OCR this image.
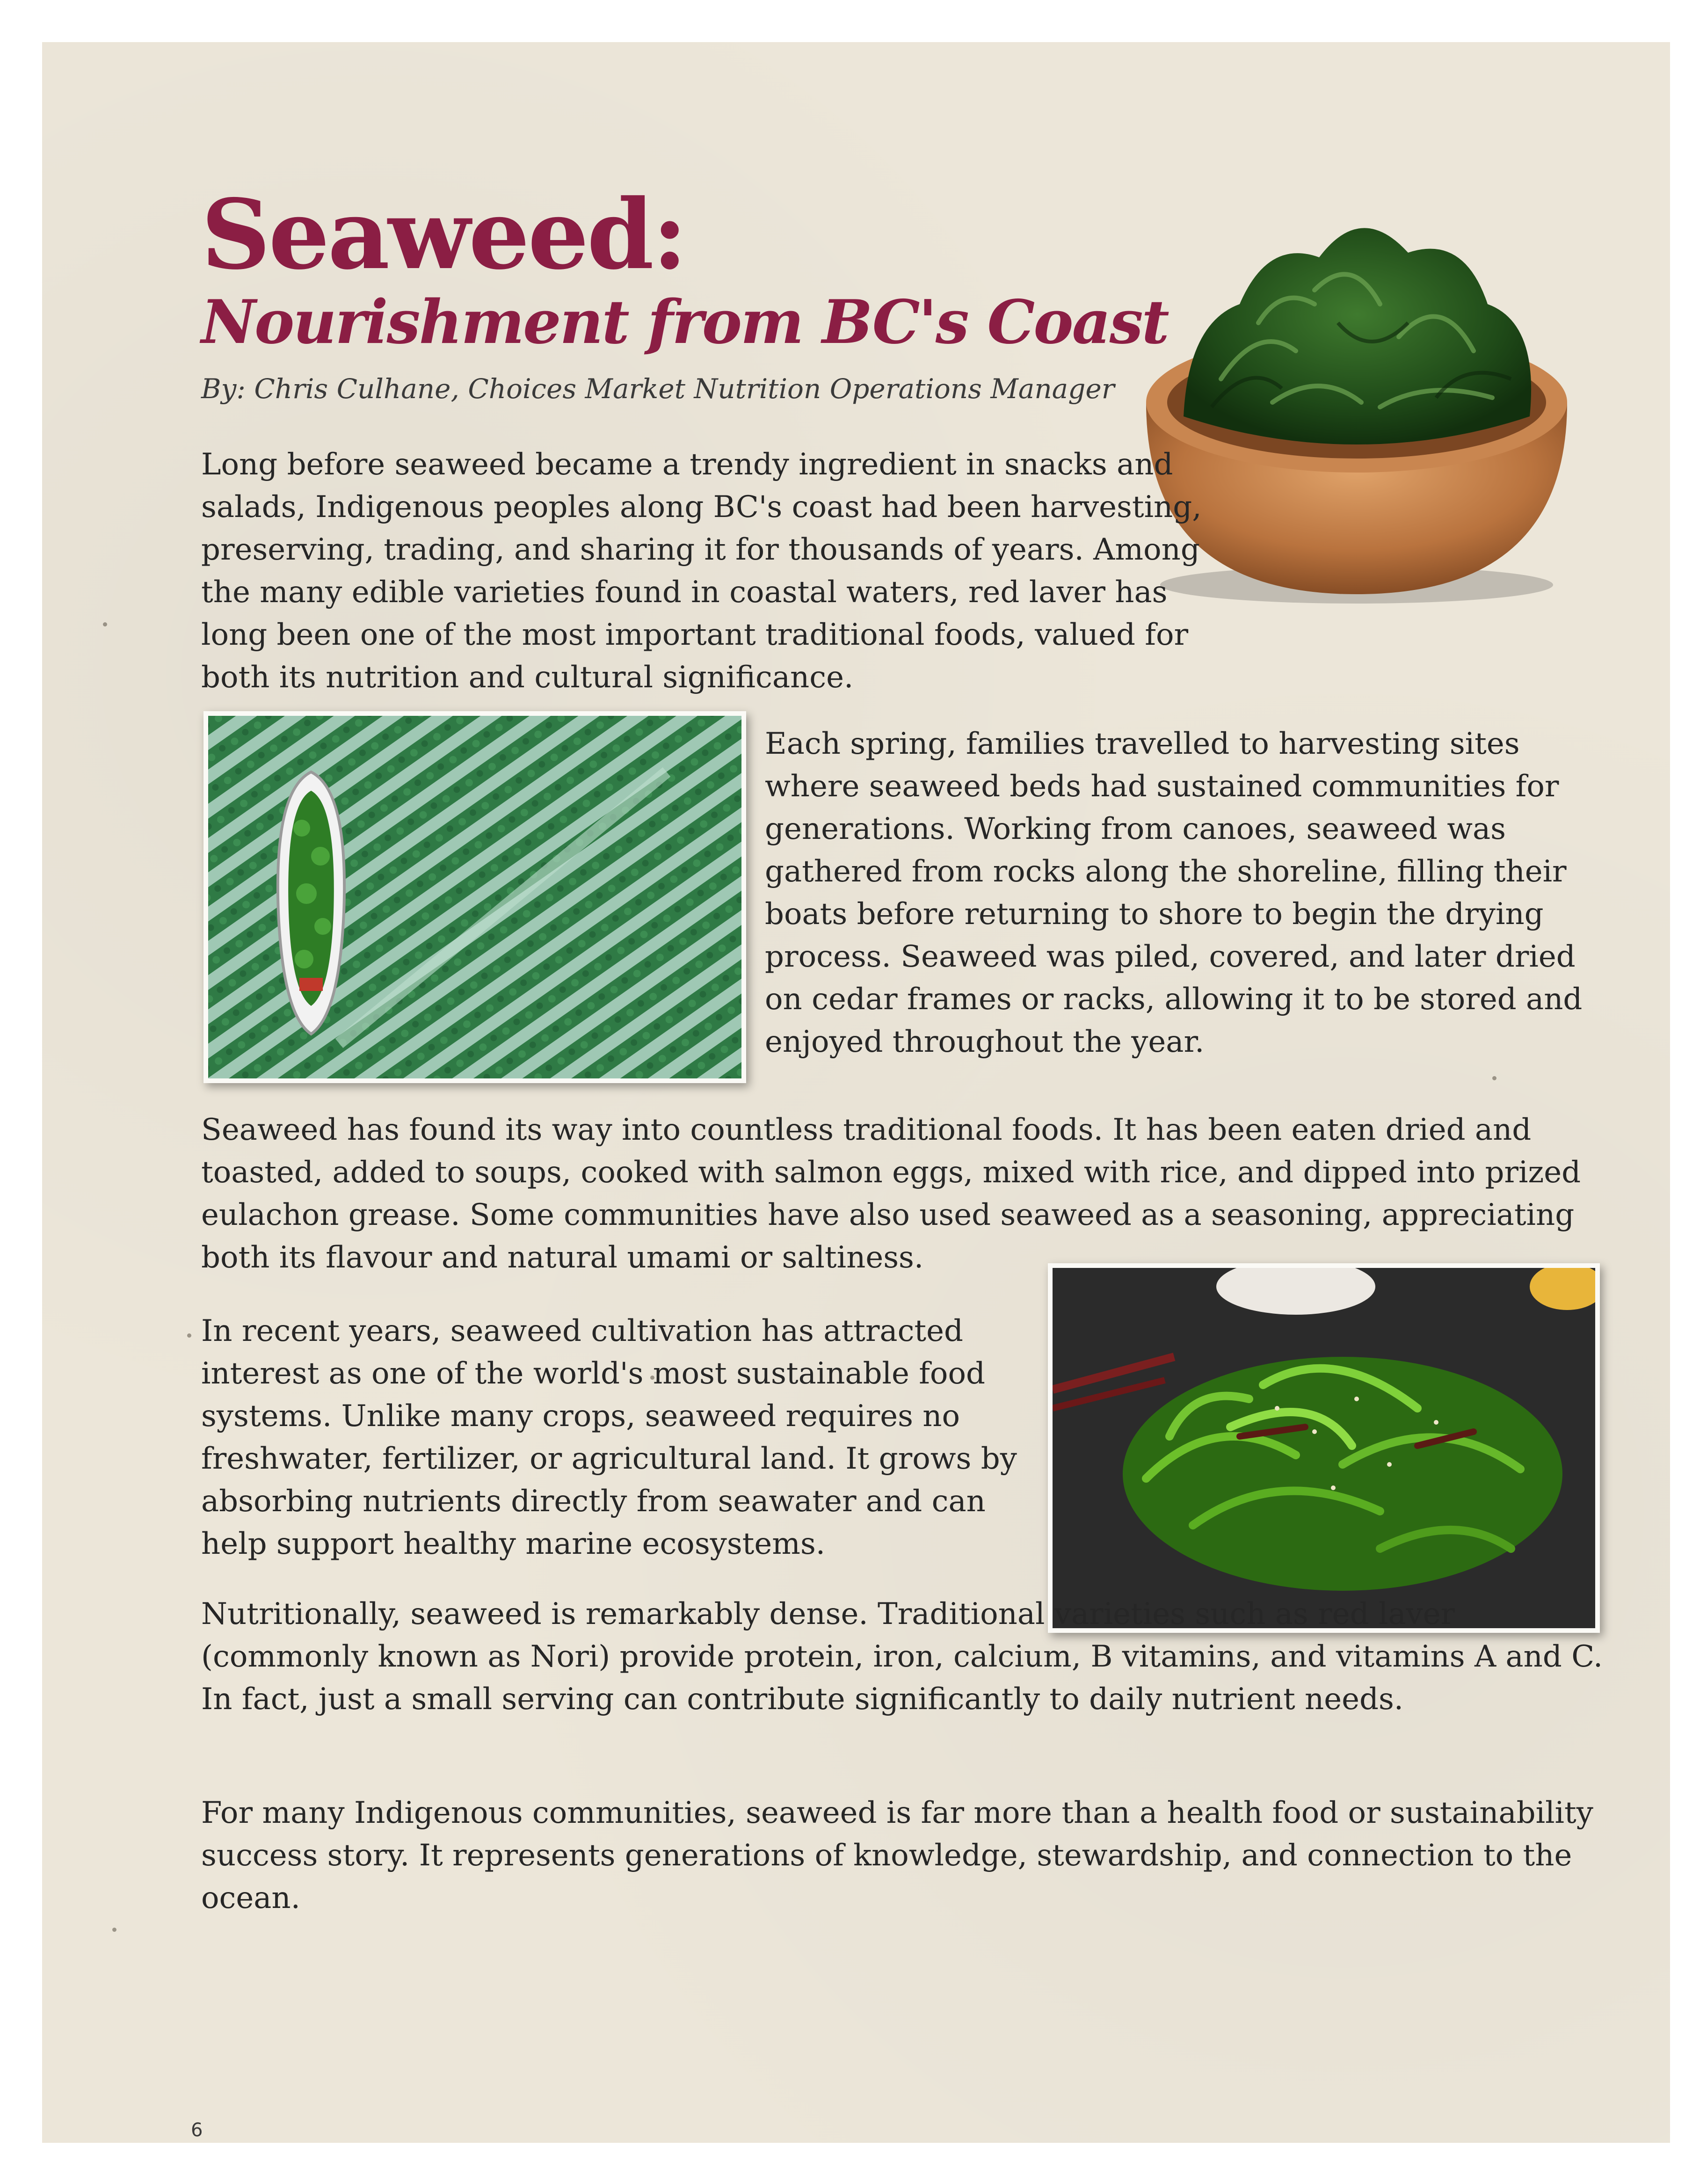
Seaweed:
Nourishment from BC's Coast

By: Chris Culhane, Choices Market Nutrition Operations Manager

Long before seaweed became a trendy ingredient in snacks and salads, Indigenous peoples along BC's coast had been harvesting, preserving, trading, and sharing it for thousands of years. Among the many edible varieties found in coastal waters, red laver has long been one of the most important traditional foods, valued for both its nutrition and cultural significance.

Each spring, families travelled to harvesting sites where seaweed beds had sustained communities for generations. Working from canoes, seaweed was gathered from rocks along the shoreline, filling their boats before returning to shore to begin the drying process. Seaweed was piled, covered, and later dried on cedar frames or racks, allowing it to be stored and enjoyed throughout the year.

Seaweed has found its way into countless traditional foods. It has been eaten dried and toasted, added to soups, cooked with salmon eggs, mixed with rice, and dipped into prized eulachon grease. Some communities have also used seaweed as a seasoning, appreciating both its flavour and natural umami or saltiness.

In recent years, seaweed cultivation has attracted interest as one of the world's most sustainable food systems. Unlike many crops, seaweed requires no freshwater, fertilizer, or agricultural land. It grows by absorbing nutrients directly from seawater and can help support healthy marine ecosystems.

Nutritionally, seaweed is remarkably dense. Traditional varieties such as red laver (commonly known as Nori) provide protein, iron, calcium, B vitamins, and vitamins A and C. In fact, just a small serving can contribute significantly to daily nutrient needs.

For many Indigenous communities, seaweed is far more than a health food or sustainability success story. It represents generations of knowledge, stewardship, and connection to the ocean.

6
